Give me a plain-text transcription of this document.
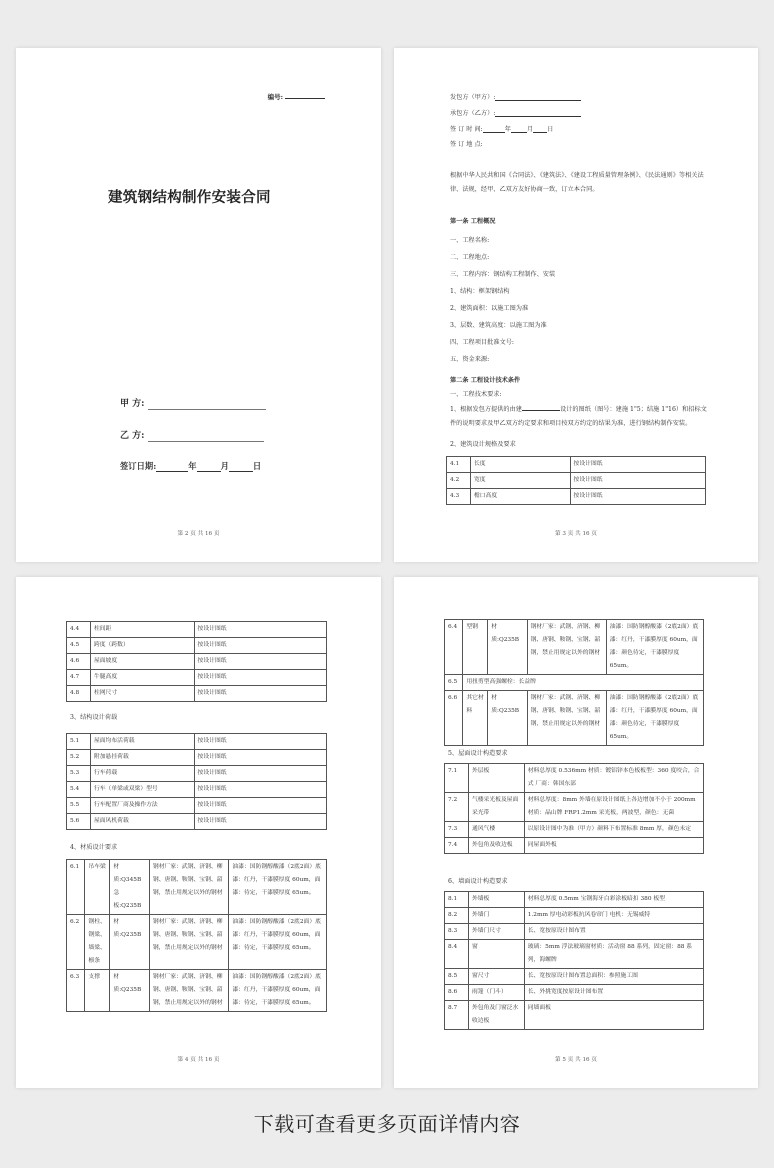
编号:
建筑钢结构制作安装合同
甲 方:
乙 方:
签订日期:	年	月	日
第 2 页 共 16 页
发包方（甲方）:
承包方（乙方）:
签 订 时 间:	年	月 日
签 订 地 点:
根据中华人民共和国《合同法》、《建筑法》、《建设工程质量管理条例》、《民法通则》等相关法律、法规，经甲、乙双方友好协商一致，订立本合同。
第一条 工程概况
一、工程名称:
二、工程地点:
三、工程内容：钢结构工程制作、安装
1、结构：框架钢结构
2、建筑面积：以施工图为准
3、层数、建筑高度：以施工图为准
四、工程项目批准文号:
五、资金来源:
第二条 工程设计技术条件
一、工程技术要求:
1、根据发包方提供的由建	设计的图纸（图号：建施 1"5；结施 1"16）和招标文件的说明要求及甲乙双方约定要求和项目按双方约定的结果为准，进行钢结构制作安装。
2、建筑设计规格及要求
4.1	长度	按设计图纸
4.2	宽度	按设计图纸
4.3	檐口高度	按设计图纸
第 3 页 共 16 页
4.4	柱间距	按设计图纸
4.5	跨度（跨数）	按设计图纸
4.6	屋面坡度	按设计图纸
4.7	牛腿高度	按设计图纸
4.8	柱网尺寸	按设计图纸
3、结构设计荷载
5.1	屋面均布活荷载	按设计图纸
5.2	附加悬挂荷载	按设计图纸
5.3	行车荷载	按设计图纸
5.4	行车（单梁或双梁）型号	按设计图纸
5.5	行车配置厂商及操作方法	按设计图纸
5.6	屋面风机荷载	按设计图纸
4、材质设计要求
6.1	吊车梁	材质:Q345B 急板:Q235B	钢材厂家：武钢、济钢、柳钢、唐钢、鞍钢、宝钢、韶钢，禁止用规定以外的钢材	油漆：国防钢醇酸漆（2底2面）底漆：红丹，干漆膜厚度 60um，面漆：待定，干漆膜厚度 65um。
6.2	钢柱、钢梁、墙梁、檩条	材质:Q235B	钢材厂家：武钢、济钢、柳钢、唐钢、鞍钢、宝钢、韶钢，禁止用规定以外的钢材	油漆：国防钢醇酸漆（2底2面）底漆：红丹，干漆膜厚度 60um，面漆：待定，干漆膜厚度 65um。
6.3	支撑	材质:Q235B	钢材厂家：武钢、济钢、柳钢、唐钢、鞍钢、宝钢、韶钢，禁止用规定以外的钢材	油漆：国防钢醇酸漆（2底2面）底漆：红丹，干漆膜厚度 60um，面漆：待定，干漆膜厚度 65um。
第 4 页 共 16 页
6.4	型钢	材质:Q235B	钢材厂家：武钢、济钢、柳钢、唐钢、鞍钢、宝钢、韶钢，禁止用规定以外的钢材	油漆：国防钢醇酸漆（2底2面）底漆：红丹，干漆膜厚度 60um，面漆：颜色待定，干漆膜厚度 65um。
6.5	用扭剪型高强螺栓：长益牌			
6.6	其它材料	材质:Q235B	钢材厂家：武钢、济钢、柳钢、唐钢、鞍钢、宝钢、韶钢，禁止用规定以外的钢材	油漆：国防钢醇酸漆（2底2面）底漆：红丹，干漆膜厚度 60um，面漆：颜色待定，干漆膜厚度 65um。
5、屋面设计构造要求
7.1	外层板	材料总厚度 0.536mm 材质：镀铝锌本色板板型：360 度咬合，合式 厂商：韩国东部
7.2	气楼采光板及屋面采光带	材料总厚度：8mm 外墙在原设计图纸上各边增加不小于 200mm 材质：晶山牌 FRP1.2mm 采光板，两波型，颜色：无菌
7.3	通风气楼	以原设计图中为准（甲方）颜料下布置标准 8mm 厚，颜色未定
7.4	外包角及收边板	同屋面外板
6、墙面设计构造要求
8.1	外墙板	材料总厚度 0.5mm 宝钢海牙白彩涂板暗扣 380 板型
8.2	外墙门	1.2mm 厚电动彩板抗风卷帘门 电机：无锡威特
8.3	外墙门尺寸	长、宽按原设计图布置
8.4	窗	玻璃：5mm 浮法玻璃窗材质：活动窗 88 系列，固定窗：88 系列，海螺牌
8.5	窗尺寸	长、宽按原设计图布置总面积：参照施工图
8.6	雨篷（门斗）	长、外挑宽度按原设计图布置
8.7	外包角及门窗泛水收边板	同墙面板
第 5 页 共 16 页
下载可查看更多页面详情内容
